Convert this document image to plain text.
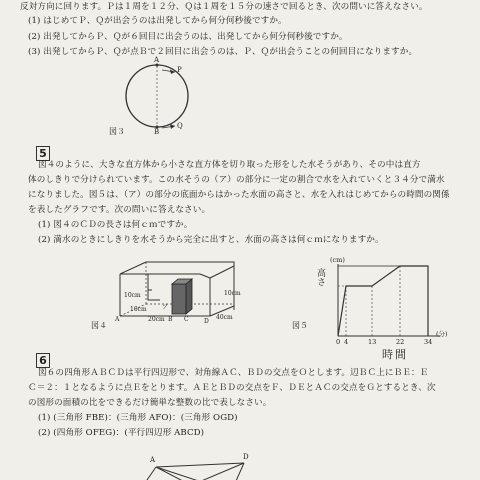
反対方向に回ります。Ｐは１周を１２分、Ｑは１周を１５分の速さで回るとき、次の問いに答えなさい。
(1) はじめてＰ、Ｑが出会うのは出発してから何分何秒後ですか。
(2) 出発してからＰ、Ｑが６回目に出会うのは、出発してから何分何秒後ですか。
(3) 出発してからＰ、Ｑが点Ｂで２回目に出会うのは、Ｐ、Ｑが出会うことの何回目になりますか。
A
B
P
Q
図３
5
図４のように、大きな直方体から小さな直方体を切り取った形をした水そうがあり、その中は直方
体のしきりで分けられています。この水そうの（ア）の部分に一定の割合で水を入れていくと３４分で満水
になりました。図５は、（ア）の部分の底面からはかった水面の高さと、水を入れはじめてからの時間の関係
を表したグラフです。次の問いに答えなさい。
(1) 図４のＣＤの長さは何ｃｍですか。
(2) 満水のときにしきりを水そうから完全に出すと、水面の高さは何ｃｍになりますか。
10cm
10cm
20cm	40cm
10cm
ア
B C	D
A
図４
(cm)
高さ
0 4	13	22	34
(分)
時間
図５
6
図６の四角形ＡＢＣＤは平行四辺形で、対角線ＡＣ、ＢＤの交点をＯとします。辺ＢＣ上にＢＥ：Ｅ
Ｃ＝２：１となるように点Ｅをとります。ＡＥとＢＤの交点をＦ、ＤＥとＡＣの交点をＧとするとき、次
の図形の面積の比をできるだけ簡単な整数の比で表しなさい。
(1) (三角形 FBE)：(三角形 AFO)：(三角形 OGD)
(2) (四角形 OFEG)：(平行四辺形 ABCD)
A	D
